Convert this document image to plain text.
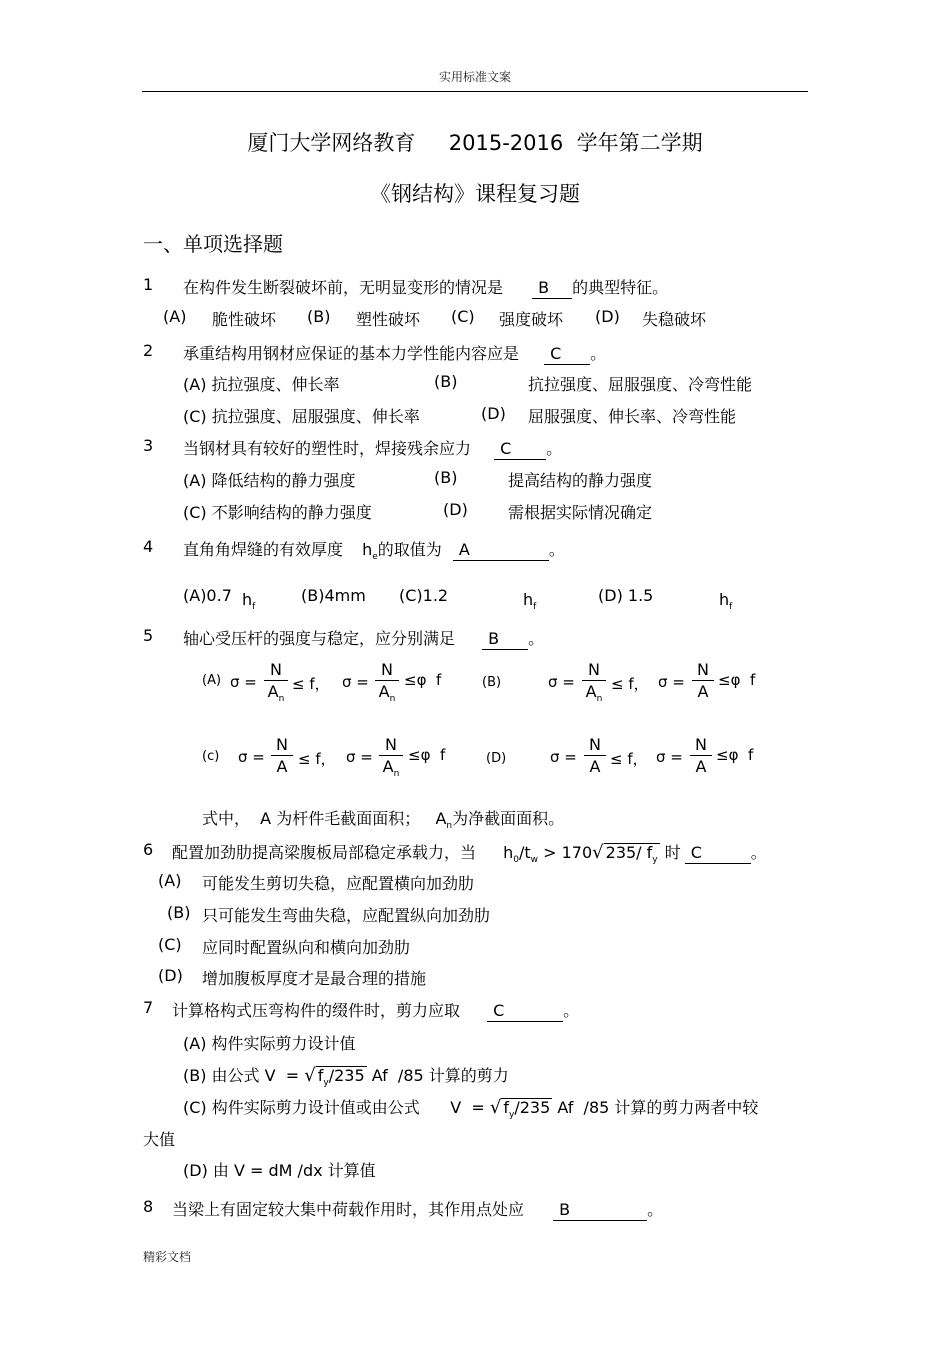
实用标准文案
厦门大学网络教育     2015-2016  学年第二学期
《钢结构》课程复习题
一、单项选择题
1 在构件发生断裂破坏前，无明显变形的情况是 B 的典型特征。
(A) 脆性破坏 (B) 塑性破坏 (C) 强度破坏 (D) 失稳破坏
2 承重结构用钢材应保证的基本力学性能内容应是 C 。
(A) 抗拉强度、伸长率	(B)	抗拉强度、屈服强度、冷弯性能
(C) 抗拉强度、屈服强度、伸长率	(D) 屈服强度、伸长率、冷弯性能
3 当钢材具有较好的塑性时，焊接残余应力 C 。
(A) 降低结构的静力强度	(B)	提高结构的静力强度
(C) 不影响结构的静力强度	(D)	需根据实际情况确定
4 直角角焊缝的有效厚度 $h_e$的取值为 A	。
(A)0.7 $h_f$
(B)4mm (C)1.2	$h_f$
(D) 1.5	$h_f$
5 轴心受压杆的强度与稳定，应分别满足 B 。
(A) σ =
N
$A_n$
≤ f， σ =
N
$A_n$
≤φ f	(B)	σ =
N
$A_n$
≤ f， σ =
N
A
≤φ f
(c) σ =
N
A ≤ f， σ =
N
$A_n$
≤φ f	(D)	σ =
N
A ≤ f， σ =
N
A
≤φ f
式中，  A 为杆件毛截面面积；   $A_n$为净截面面积。
6 配置加劲肋提高梁腹板局部稳定承载力，当 $h_0/t_w > 170√$ 235/ $f_y$ 时 C	。
(A) 可能发生剪切失稳，应配置横向加劲肋
(B) 只可能发生弯曲失稳，应配置纵向加劲肋
(C) 应同时配置纵向和横向加劲肋
(D) 增加腹板厚度才是最合理的措施
7 计算格构式压弯构件的缀件时，剪力应取 C	。
(A) 构件实际剪力设计值
(B) 由公式 V  = √ $f_y/235$ Af  /85 计算的剪力
(C) 构件实际剪力设计值或由公式      V  = √ $f_y/235$ Af  /85 计算的剪力两者中较
大值
(D) 由 V = dM /dx 计算值
8 当梁上有固定较大集中荷载作用时，其作用点处应 B	。
精彩文档
